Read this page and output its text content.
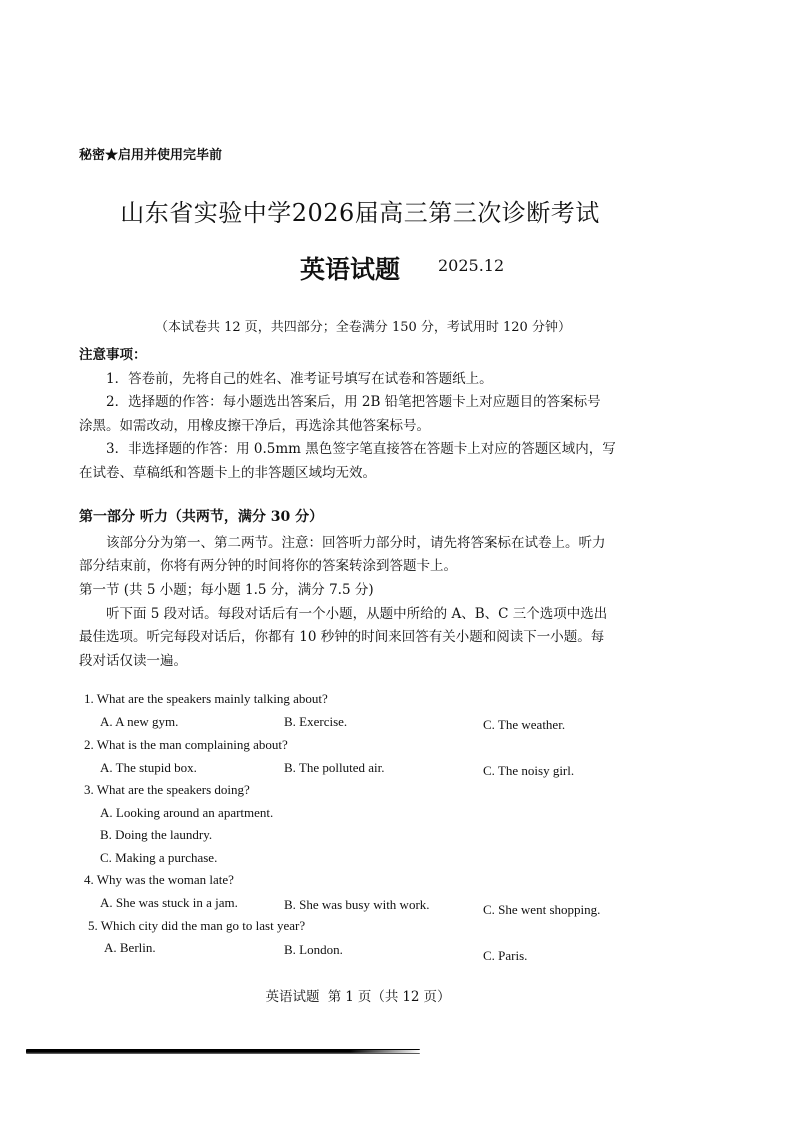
秘密★启用并使用完毕前
山东省实验中学2026届高三第三次诊断考试
英语试题 2025.12
（本试卷共 12 页，共四部分；全卷满分 150 分，考试用时 120 分钟）
注意事项：
1．答卷前，先将自己的姓名、准考证号填写在试卷和答题纸上。
2．选择题的作答：每小题选出答案后，用 2B 铅笔把答题卡上对应题目的答案标号
涂黑。如需改动，用橡皮擦干净后，再选涂其他答案标号。
3．非选择题的作答：用 0.5mm 黑色签字笔直接答在答题卡上对应的答题区域内，写
在试卷、草稿纸和答题卡上的非答题区域均无效。
第一部分 听力（共两节，满分 30 分）
该部分分为第一、第二两节。注意：回答听力部分时，请先将答案标在试卷上。听力
部分结束前，你将有两分钟的时间将你的答案转涂到答题卡上。
第一节 (共 5 小题；每小题 1.5 分，满分 7.5 分)
听下面 5 段对话。每段对话后有一个小题，从题中所给的 A、B、C 三个选项中选出
最佳选项。听完每段对话后，你都有 10 秒钟的时间来回答有关小题和阅读下一小题。每
段对话仅读一遍。
1. What are the speakers mainly talking about?
A. A new gym.	B. Exercise.	C. The weather.
2. What is the man complaining about?
A. The stupid box.	B. The polluted air.	C. The noisy girl.
3. What are the speakers doing?
A. Looking around an apartment.
B. Doing the laundry.
C. Making a purchase.
4. Why was the woman late?
A. She was stuck in a jam.	B. She was busy with work.	C. She went shopping.
5. Which city did the man go to last year?
A. Berlin.	B. London.	C. Paris.
英语试题 第 1 页（共 12 页）
